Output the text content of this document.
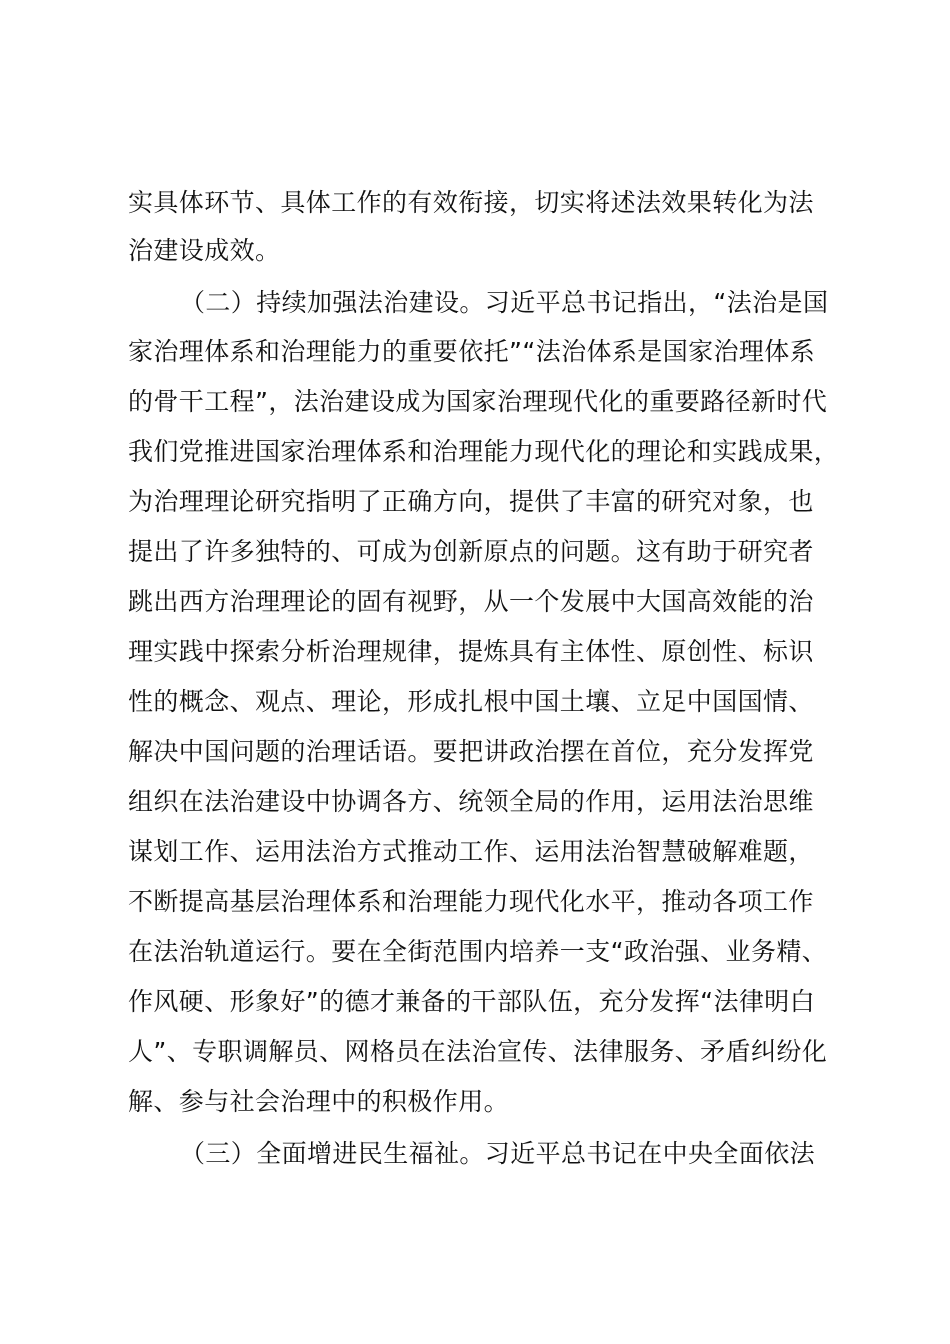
实具体环节、具体工作的有效衔接，切实将述法效果转化为法
治建设成效。
（二）持续加强法治建设。习近平总书记指出，“法治是国
家治理体系和治理能力的重要依托”“法治体系是国家治理体系
的骨干工程”，法治建设成为国家治理现代化的重要路径新时代
我们党推进国家治理体系和治理能力现代化的理论和实践成果，
为治理理论研究指明了正确方向，提供了丰富的研究对象，也
提出了许多独特的、可成为创新原点的问题。这有助于研究者
跳出西方治理理论的固有视野，从一个发展中大国高效能的治
理实践中探索分析治理规律，提炼具有主体性、原创性、标识
性的概念、观点、理论，形成扎根中国土壤、立足中国国情、
解决中国问题的治理话语。要把讲政治摆在首位，充分发挥党
组织在法治建设中协调各方、统领全局的作用，运用法治思维
谋划工作、运用法治方式推动工作、运用法治智慧破解难题，
不断提高基层治理体系和治理能力现代化水平，推动各项工作
在法治轨道运行。要在全街范围内培养一支“政治强、业务精、
作风硬、形象好”的德才兼备的干部队伍，充分发挥“法律明白
人”、专职调解员、网格员在法治宣传、法律服务、矛盾纠纷化
解、参与社会治理中的积极作用。
（三）全面增进民生福祉。习近平总书记在中央全面依法
